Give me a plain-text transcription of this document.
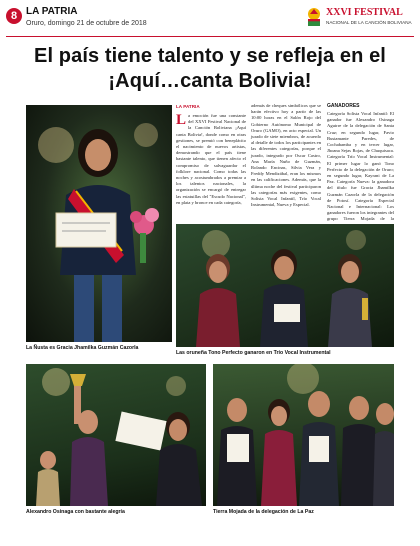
8 LA PATRIA
Oruro, domingo 21 de octubre de 2018
XXVI FESTIVAL
NACIONAL DE LA CANCIÓN BOLIVIANA
El país tiene talento y se refleja en el ¡Aquí…canta Bolivia!
La Ñusta es Gracia Jhamilka Guzmán Cazorla
LA PATRIA
L a emoción fue una constante del XXVI Festival Nacional de la Canción Boliviana ¡Aquí canta Bolivia!, donde como en otras gestiones, se premió con beneplácito el nacimiento de nuevos artistas, demostrando que el país tiene bastante talento, que tienen afecto el compromiso de salvaguardar el folklore nacional. Como todas las noches y acostumbrados a premiar a los talentos nacionales, la organización se encargó de entregar las estatuillas del "Escudo Nacional", en plata y bronce en cada categoría,
además de cheques simbólicos que se harán efectivo hoy a partir de las 10:00 horas en el Salón Rojo del Gobierno Autónomo Municipal de Oruro (GAMO), en acto especial. Un jurado de siete miembros, de acuerdo al detalle de todos los participantes en las diferentes categorías, porque el jurado, integrado por Oscar Castro, Ana María Nuño de Guzmán, Rolando Encinas, Silvia Vera y Freddy Mendizábal, eran los mismos en las calificaciones. Además, que la última noche del festival participaron las categorías más exigentes, como Solista Vocal Infantil, Trío Vocal Instrumental, Nueva y Especial.
GANADORES
Categoría Solista Vocal Infantil: El ganador fue Alexandro Osinaga Aguirre de la delegación de Santa Cruz; en segundo lugar, Favio Bustamante Paredes, de Cochabamba y en tercer lugar, Jhoana Sejas Rojas, de Chuquisaca. Categoría Trío Vocal Instrumental: El primer lugar lo ganó Tono Perfecto de la delegación de Oruro; en segundo lugar, Kayrani de La Paz. Categoría Nueva: la ganadora del título fue Gracia Jhamilka Guzmán Cazorla de la delegación de Potosí. Categoría Especial Nacional e Internacional: Los ganadores fueron los integrantes del grupo Tierra Mojada de la
Las oruneña Tono Perfecto ganaron en Trío Vocal Instrumental
Alexandro Osinaga con bastante alegría	Tierra Mojada de la delegación de La Paz
